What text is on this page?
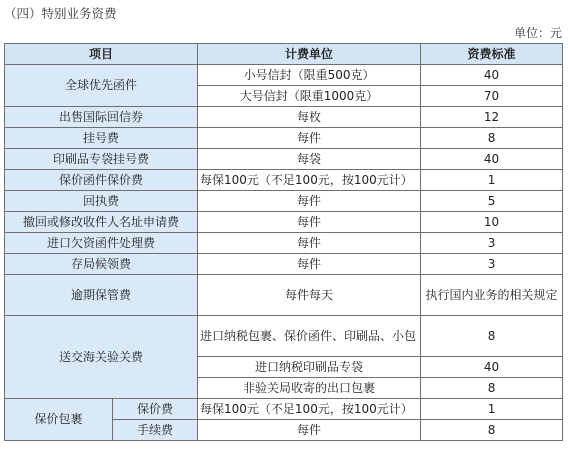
（四）特别业务资费
单位：元
项目		计费单位	资费标准
全球优先函件		小号信封（限重500克）	40
		大号信封（限重1000克）	70
出售国际回信券		每枚	12
挂号费		每件	8
印刷品专袋挂号费		每袋	40
保价函件保价费		每保100元（不足100元，按100元计）	1
回执费		每件	5
撤回或修改收件人名址申请费		每件	10
进口欠资函件处理费		每件	3
存局候领费		每件	3
逾期保管费		每件每天	执行国内业务的相关规定
送交海关验关费		进口纳税包裹、保价函件、印刷品、小包	8
		进口纳税印刷品专袋	40
		非验关局收寄的出口包裹	8
保价包裹	保价费	每保100元（不足100元，按100元计）	1
	手续费	每件	8
